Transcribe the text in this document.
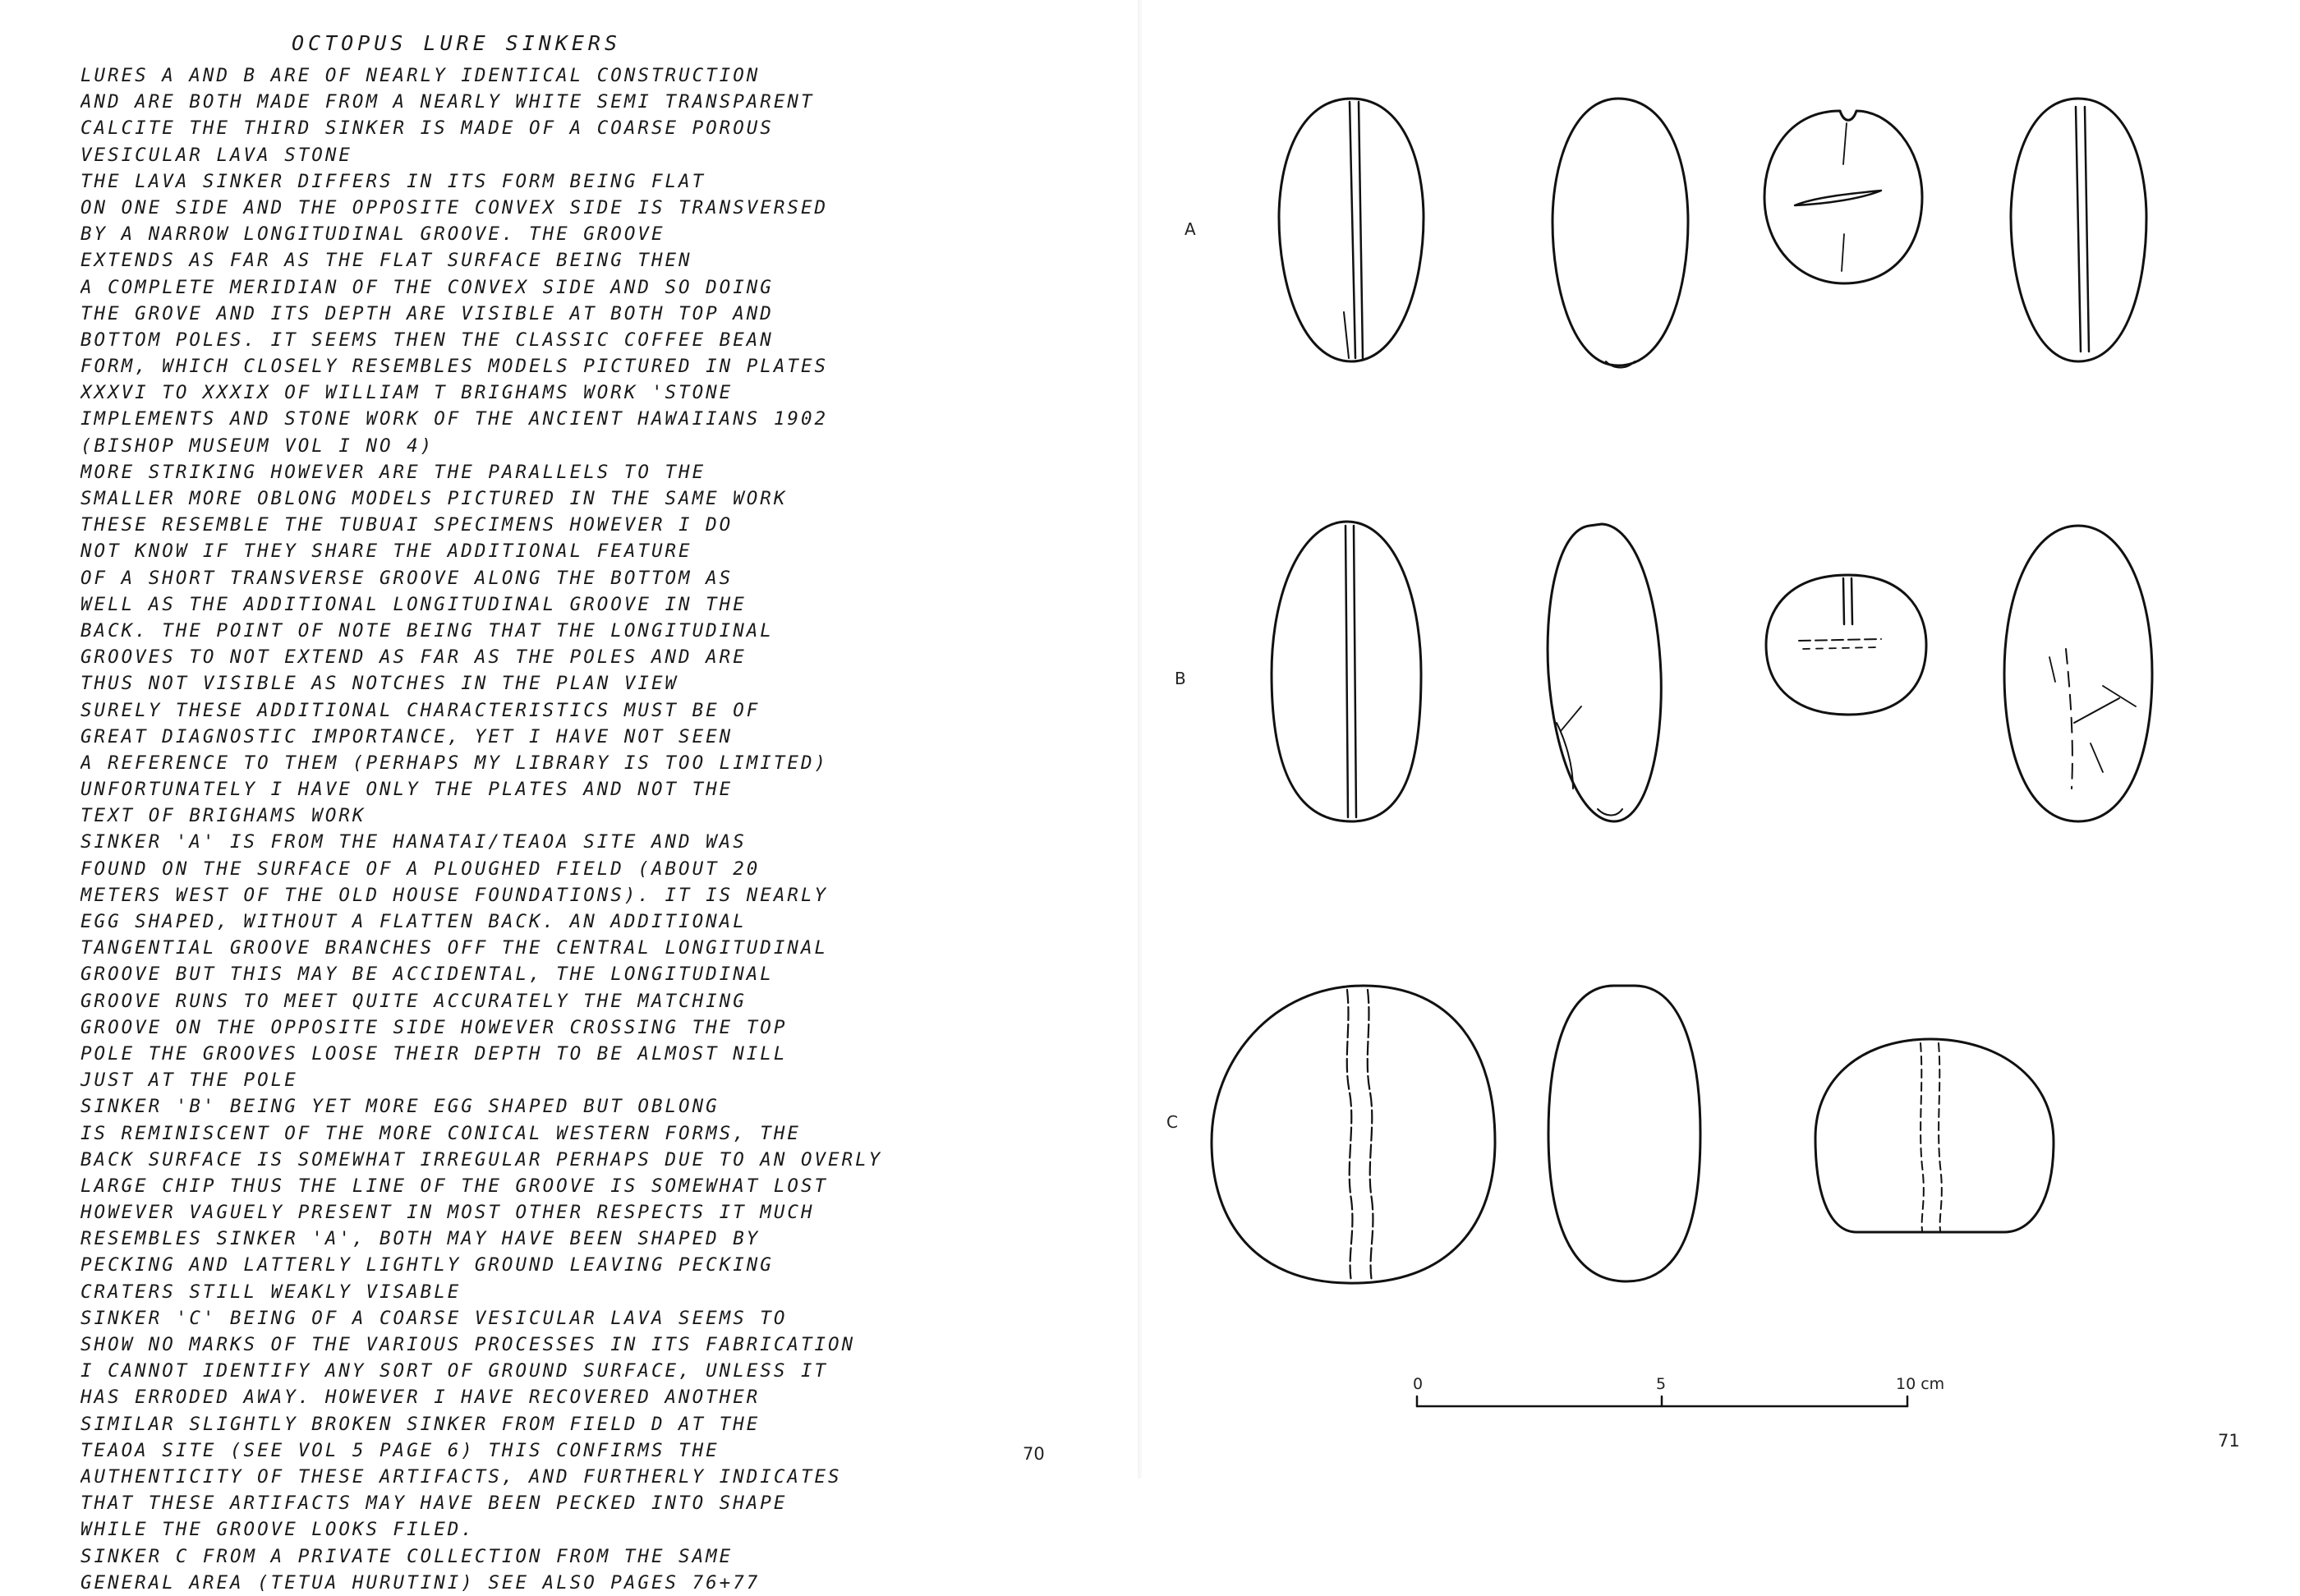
OCTOPUS LURE SINKERS
LURES A AND B ARE OF NEARLY IDENTICAL CONSTRUCTION
AND ARE BOTH MADE FROM A NEARLY WHITE SEMI TRANSPARENT
CALCITE THE THIRD SINKER IS MADE OF A COARSE POROUS
VESICULAR LAVA STONE
THE LAVA SINKER DIFFERS IN ITS FORM BEING FLAT
ON ONE SIDE AND THE OPPOSITE CONVEX SIDE IS TRANSVERSED
BY A NARROW LONGITUDINAL GROOVE. THE GROOVE
EXTENDS AS FAR AS THE FLAT SURFACE BEING THEN
A COMPLETE MERIDIAN OF THE CONVEX SIDE AND SO DOING
THE GROVE AND ITS DEPTH ARE VISIBLE AT BOTH TOP AND
BOTTOM POLES. IT SEEMS THEN THE CLASSIC COFFEE BEAN
FORM, WHICH CLOSELY RESEMBLES MODELS PICTURED IN PLATES
XXXVI TO XXXIX OF WILLIAM T BRIGHAMS WORK 'STONE
IMPLEMENTS AND STONE WORK OF THE ANCIENT HAWAIIANS 1902
(BISHOP MUSEUM VOL I NO 4)
MORE STRIKING HOWEVER ARE THE PARALLELS TO THE
SMALLER MORE OBLONG MODELS PICTURED IN THE SAME WORK
THESE RESEMBLE THE TUBUAI SPECIMENS HOWEVER I DO
NOT KNOW IF THEY SHARE THE ADDITIONAL FEATURE
OF A SHORT TRANSVERSE GROOVE ALONG THE BOTTOM AS
WELL AS THE ADDITIONAL LONGITUDINAL GROOVE IN THE
BACK. THE POINT OF NOTE BEING THAT THE LONGITUDINAL
GROOVES TO NOT EXTEND AS FAR AS THE POLES AND ARE
THUS NOT VISIBLE AS NOTCHES IN THE PLAN VIEW
SURELY THESE ADDITIONAL CHARACTERISTICS MUST BE OF
GREAT DIAGNOSTIC IMPORTANCE, YET I HAVE NOT SEEN
A REFERENCE TO THEM (PERHAPS MY LIBRARY IS TOO LIMITED)
UNFORTUNATELY I HAVE ONLY THE PLATES AND NOT THE
TEXT OF BRIGHAMS WORK
SINKER 'A' IS FROM THE HANATAI/TEAOA SITE AND WAS
FOUND ON THE SURFACE OF A PLOUGHED FIELD (ABOUT 20
METERS WEST OF THE OLD HOUSE FOUNDATIONS). IT IS NEARLY
EGG SHAPED, WITHOUT A FLATTEN BACK. AN ADDITIONAL
TANGENTIAL GROOVE BRANCHES OFF THE CENTRAL LONGITUDINAL
GROOVE BUT THIS MAY BE ACCIDENTAL, THE LONGITUDINAL
GROOVE RUNS TO MEET QUITE ACCURATELY THE MATCHING
GROOVE ON THE OPPOSITE SIDE HOWEVER CROSSING THE TOP
POLE THE GROOVES LOOSE THEIR DEPTH TO BE ALMOST NILL
JUST AT THE POLE
SINKER 'B' BEING YET MORE EGG SHAPED BUT OBLONG
IS REMINISCENT OF THE MORE CONICAL WESTERN FORMS, THE
BACK SURFACE IS SOMEWHAT IRREGULAR PERHAPS DUE TO AN OVERLY
LARGE CHIP THUS THE LINE OF THE GROOVE IS SOMEWHAT LOST
HOWEVER VAGUELY PRESENT IN MOST OTHER RESPECTS IT MUCH
RESEMBLES SINKER 'A', BOTH MAY HAVE BEEN SHAPED BY
PECKING AND LATTERLY LIGHTLY GROUND LEAVING PECKING
CRATERS STILL WEAKLY VISABLE
SINKER 'C' BEING OF A COARSE VESICULAR LAVA SEEMS TO
SHOW NO MARKS OF THE VARIOUS PROCESSES IN ITS FABRICATION
I CANNOT IDENTIFY ANY SORT OF GROUND SURFACE, UNLESS IT
HAS ERRODED AWAY. HOWEVER I HAVE RECOVERED ANOTHER
SIMILAR SLIGHTLY BROKEN SINKER FROM FIELD D AT THE
TEAOA SITE (SEE VOL 5 PAGE 6) THIS CONFIRMS THE
AUTHENTICITY OF THESE ARTIFACTS, AND FURTHERLY INDICATES
THAT THESE ARTIFACTS MAY HAVE BEEN PECKED INTO SHAPE
WHILE THE GROOVE LOOKS FILED.
SINKER C FROM A PRIVATE COLLECTION FROM THE SAME
GENERAL AREA (TETUA HURUTINI) SEE ALSO PAGES 76+77
70
A
B
C
0	5	10 cm
71
